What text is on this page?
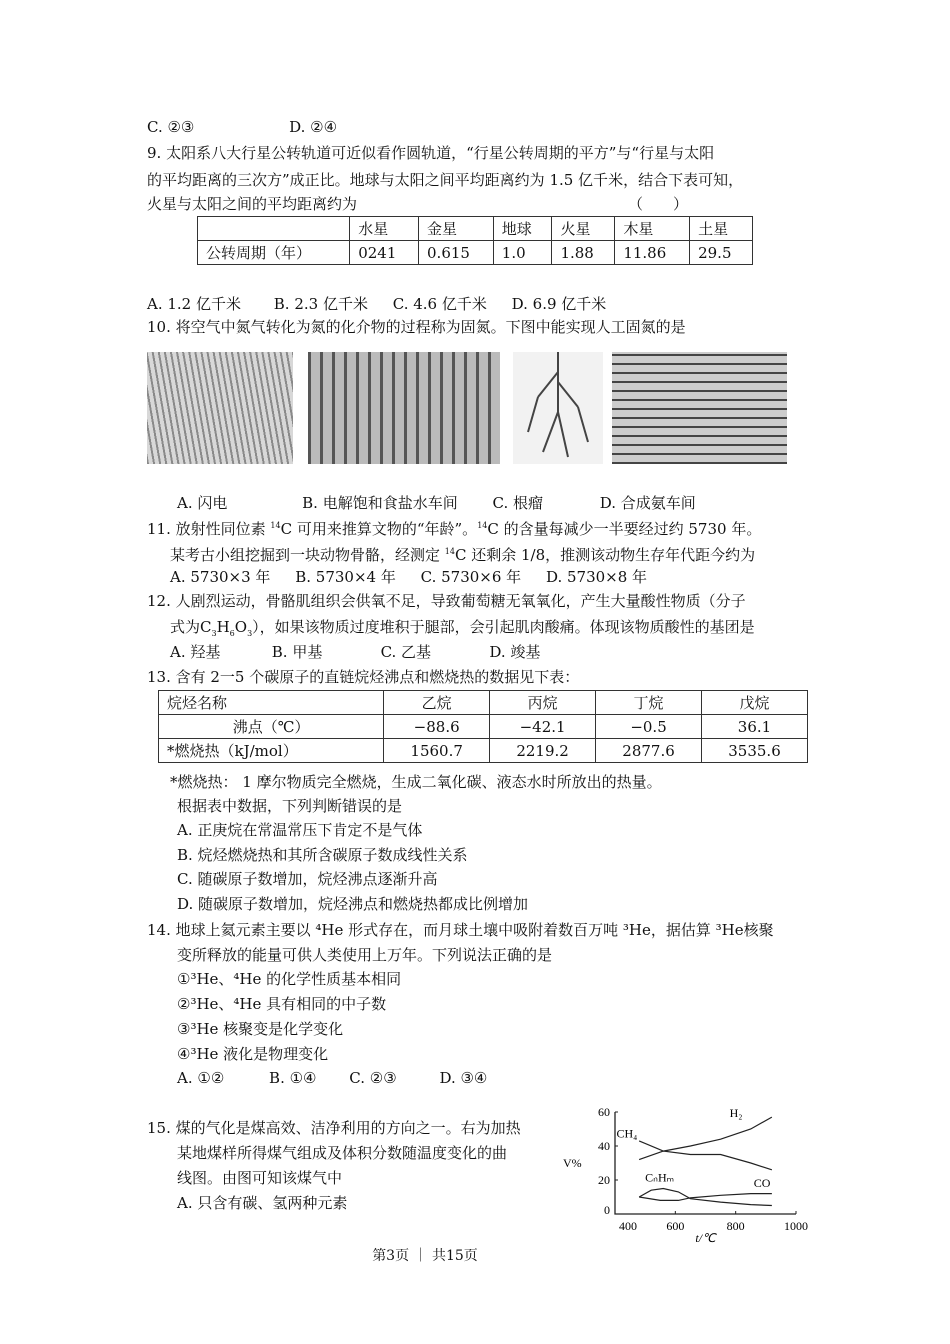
C. ②③	D. ②④
9. 太阳系八大行星公转轨道可近似看作圆轨道，“行星公转周期的平方”与“行星与太阳
的平均距离的三次方”成正比。地球与太阳之间平均距离约为 1.5 亿千米，结合下表可知，
火星与太阳之间的平均距离约为	（　　）
	水星	金星	地球	火星	木星	土星
公转周期（年）	0241	0.615	1.0	1.88	11.86	29.5
A. 1.2 亿千米 B. 2.3 亿千米 C. 4.6 亿千米 D. 6.9 亿千米
10. 将空气中氮气转化为氮的化介物的过程称为固氮。下图中能实现人工固氮的是
A. 闪电	B. 电解饱和食盐水车间 C. 根瘤	D. 合成氨车间
11. 放射性同位素 $^{14}$C 可用来推算文物的“年龄”。$^{14}$C 的含量每减少一半要经过约 5730 年。
某考古小组挖掘到一块动物骨骼，经测定 $^{14}$C 还剩余 1/8，推测该动物生存年代距今约为
A. 5730×3 年 B. 5730×4 年 C. 5730×6 年 D. 5730×8 年
12. 人剧烈运动，骨骼肌组织会供氧不足，导致葡萄糖无氧氧化，产生大量酸性物质（分子
式为$C_3H_6O_3$），如果该物质过度堆积于腿部，会引起肌肉酸痛。体现该物质酸性的基团是
A. 羟基	B. 甲基	C. 乙基	D. 竣基
13. 含有 2一5 个碳原子的直链烷烃沸点和燃烧热的数据见下表：
烷烃名称	乙烷	丙烷	丁烷	戊烷
沸点（℃）	−88.6	−42.1	−0.5	36.1
*燃烧热（kJ/mol）	1560.7	2219.2	2877.6	3535.6
*燃烧热： 1 摩尔物质完全燃烧，生成二氧化碳、液态水时所放出的热量。
根据表中数据，下列判断错误的是
A. 正庚烷在常温常压下肯定不是气体
B. 烷烃燃烧热和其所含碳原子数成线性关系
C. 随碳原子数增加，烷烃沸点逐渐升高
D. 随碳原子数增加，烷烃沸点和燃烧热都成比例增加
14. 地球上氦元素主要以 ⁴He 形式存在，而月球土壤中吸附着数百万吨 ³He，据估算 ³He核聚
变所释放的能量可供人类使用上万年。下列说法正确的是
①³He、⁴He 的化学性质基本相同
②³He、⁴He 具有相同的中子数
③³He 核聚变是化学变化
④³He 液化是物理变化
A. ①②	B. ①④ C. ②③	D. ③④
15. 煤的气化是煤高效、洁净利用的方向之一。右为加热
某地煤样所得煤气组成及体积分数随温度变化的曲
线图。由图可知该煤气中
A. 只含有碳、氢两种元素
400 600	800	1000
0
20
40
60
V%
t/℃
H₂
CH₄
CₙHₘ	CO
第3页 ｜ 共15页
